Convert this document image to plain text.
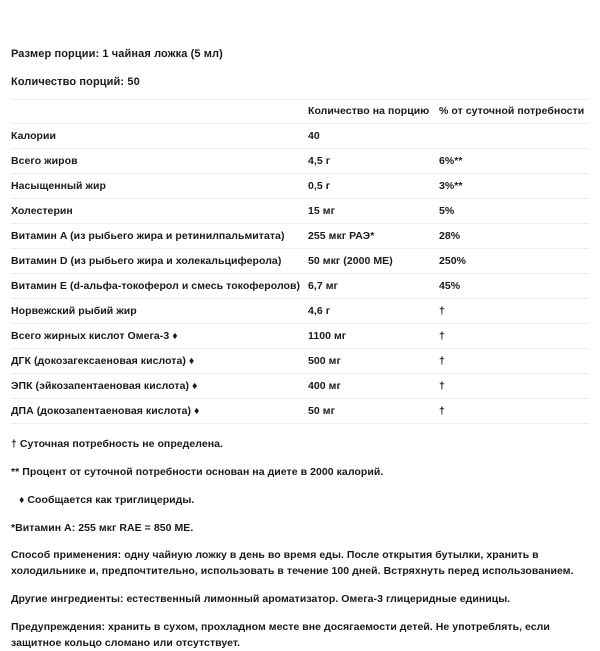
Размер порции: 1 чайная ложка (5 мл)

Количество порций: 50

	Количество на порцию	% от суточной потребности
Калории	40	
Всего жиров	4,5 г	6%**
Насыщенный жир	0,5 г	3%**
Холестерин	15 мг	5%
Витамин A (из рыбьего жира и ретинилпальмитата)	255 мкг РАЭ*	28%
Витамин D (из рыбьего жира и холекальциферола)	50 мкг (2000 МЕ)	250%
Витамин E (d-альфа-токоферол и смесь токоферолов)	6,7 мг	45%
Норвежский рыбий жир	4,6 г	†
Всего жирных кислот Омега-3 ♦	1100 мг	†
ДГК (докозагексаеновая кислота) ♦	500 мг	†
ЭПК (эйкозапентаеновая кислота) ♦	400 мг	†
ДПА (докозапентаеновая кислота) ♦	50 мг	†

† Суточная потребность не определена.

** Процент от суточной потребности основан на диете в 2000 калорий.

♦ Сообщается как триглицериды.

*Витамин A: 255 мкг RAE = 850 МЕ.

Способ применения: одну чайную ложку в день во время еды. После открытия бутылки, хранить в холодильнике и, предпочтительно, использовать в течение 100 дней. Встряхнуть перед использованием.

Другие ингредиенты: естественный лимонный ароматизатор. Омега-3 глицеридные единицы.

Предупреждения: хранить в сухом, прохладном месте вне досягаемости детей. Не употреблять, если защитное кольцо сломано или отсутствует.
